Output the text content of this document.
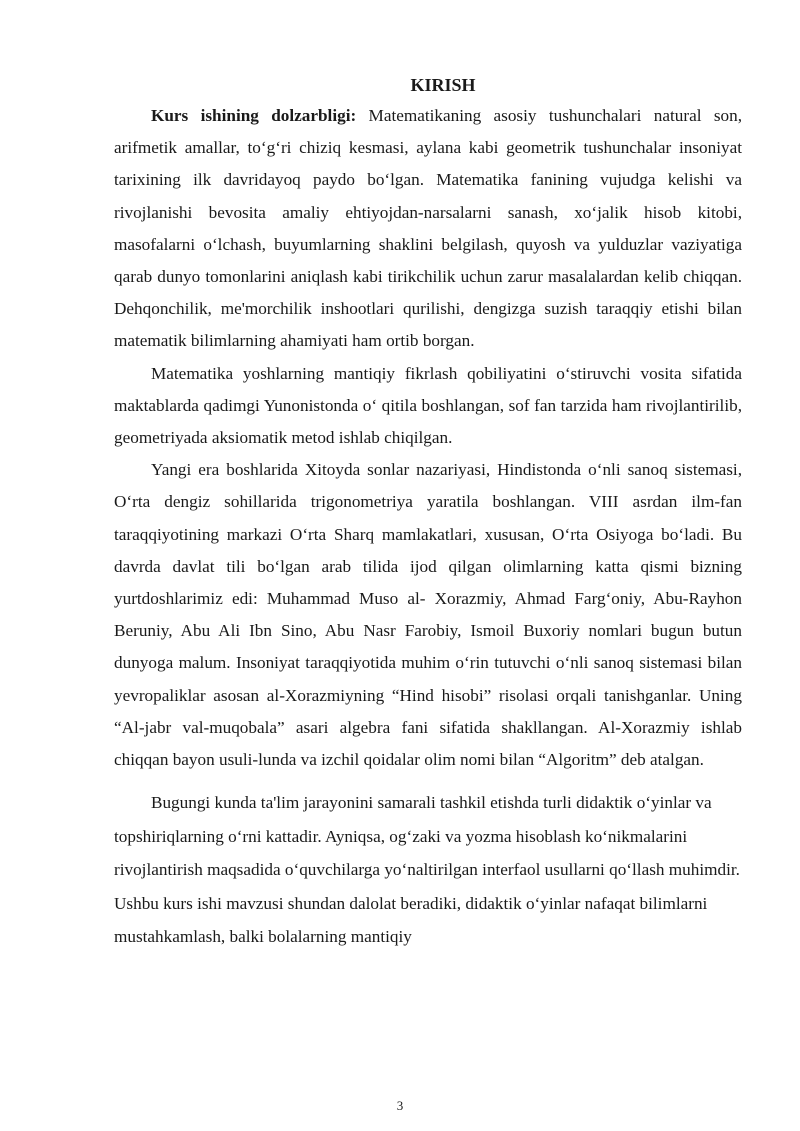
KIRISH

Kurs ishining dolzarbligi: Matematikaning asosiy tushunchalari natural son, arifmetik amallar, to‘g‘ri chiziq kesmasi, aylana kabi geometrik tushunchalar insoniyat tarixining ilk davridayoq paydo bo‘lgan. Matematika fanining vujudga kelishi va rivojlanishi bevosita amaliy ehtiyojdan-narsalarni sanash, xo‘jalik hisob kitobi, masofalarni o‘lchash, buyumlarning shaklini belgilash, quyosh va yulduzlar vaziyatiga qarab dunyo tomonlarini aniqlash kabi tirikchilik uchun zarur masalalardan kelib chiqqan. Dehqonchilik, me'morchilik inshootlari qurilishi, dengizga suzish taraqqiy etishi bilan matematik bilimlarning ahamiyati ham ortib borgan.

Matematika yoshlarning mantiqiy fikrlash qobiliyatini o‘stiruvchi vosita sifatida maktablarda qadimgi Yunonistonda o‘ qitila boshlangan, sof fan tarzida ham rivojlantirilib, geometriyada aksiomatik metod ishlab chiqilgan.

Yangi era boshlarida Xitoyda sonlar nazariyasi, Hindistonda o‘nli sanoq sistemasi, O‘rta dengiz sohillarida trigonometriya yaratila boshlangan. VIII asrdan ilm-fan taraqqiyotining markazi O‘rta Sharq mamlakatlari, xususan, O‘rta Osiyoga bo‘ladi. Bu davrda davlat tili bo‘lgan arab tilida ijod qilgan olimlarning katta qismi bizning yurtdoshlarimiz edi: Muhammad Muso al- Xorazmiy, Ahmad Farg‘oniy, Abu-Rayhon Beruniy, Abu Ali Ibn Sino, Abu Nasr Farobiy, Ismoil Buxoriy nomlari bugun butun dunyoga malum. Insoniyat taraqqiyotida muhim o‘rin tutuvchi o‘nli sanoq sistemasi bilan yevropaliklar asosan al-Xorazmiyning “Hind hisobi” risolasi orqali tanishganlar. Uning “Al-jabr val-muqobala” asari algebra fani sifatida shakllangan. Al-Xorazmiy ishlab chiqqan bayon usuli-lunda va izchil qoidalar olim nomi bilan “Algoritm” deb atalgan.

Bugungi kunda ta'lim jarayonini samarali tashkil etishda turli didaktik o‘yinlar va topshiriqlarning o‘rni kattadir. Ayniqsa, og‘zaki va yozma hisoblash ko‘nikmalarini rivojlantirish maqsadida o‘quvchilarga yo‘naltirilgan interfaol usullarni qo‘llash muhimdir. Ushbu kurs ishi mavzusi shundan dalolat beradiki, didaktik o‘yinlar nafaqat bilimlarni mustahkamlash, balki bolalarning mantiqiy

3
